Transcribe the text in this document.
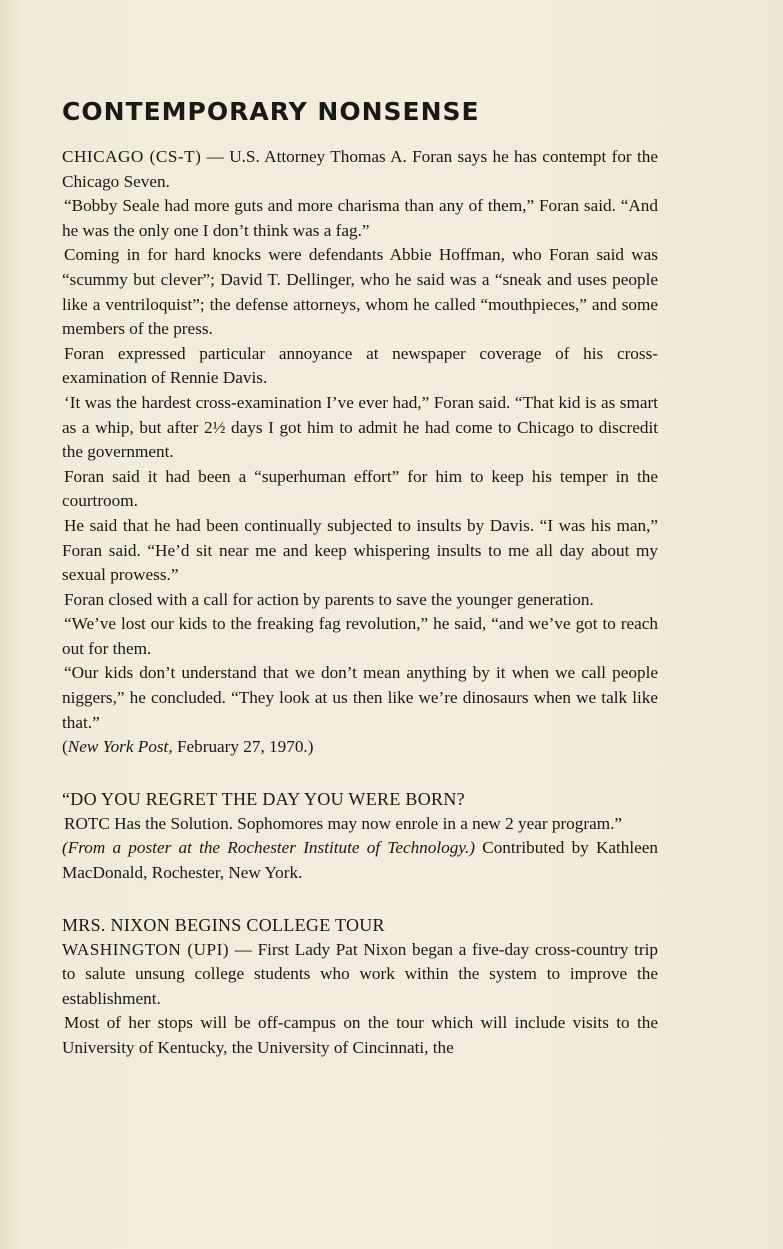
CONTEMPORARY NONSENSE

CHICAGO (CS-T) — U.S. Attorney Thomas A. Foran says he has contempt for the Chicago Seven.

“Bobby Seale had more guts and more charisma than any of them,” Foran said. “And he was the only one I don’t think was a fag.”

Coming in for hard knocks were defendants Abbie Hoffman, who Foran said was “scummy but clever”; David T. Dellinger, who he said was a “sneak and uses people like a ventriloquist”; the defense attorneys, whom he called “mouthpieces,” and some members of the press.

Foran expressed particular annoyance at newspaper coverage of his cross-examination of Rennie Davis.

‘It was the hardest cross-examination I’ve ever had,” Foran said. “That kid is as smart as a whip, but after 2½ days I got him to admit he had come to Chicago to discredit the government.

Foran said it had been a “superhuman effort” for him to keep his temper in the courtroom.

He said that he had been continually subjected to insults by Davis. “I was his man,” Foran said. “He’d sit near me and keep whispering insults to me all day about my sexual prowess.”

Foran closed with a call for action by parents to save the younger generation.

“We’ve lost our kids to the freaking fag revolution,” he said, “and we’ve got to reach out for them.

“Our kids don’t understand that we don’t mean anything by it when we call people niggers,” he concluded. “They look at us then like we’re dinosaurs when we talk like that.”

(New York Post, February 27, 1970.)

“DO YOU REGRET THE DAY YOU WERE BORN?

ROTC Has the Solution. Sophomores may now enrole in a new 2 year program.”

(From a poster at the Rochester Institute of Technology.) Contributed by Kathleen MacDonald, Rochester, New York.

MRS. NIXON BEGINS COLLEGE TOUR

WASHINGTON (UPI) — First Lady Pat Nixon began a five-day cross-country trip to salute unsung college students who work within the system to improve the establishment.

Most of her stops will be off-campus on the tour which will include visits to the University of Kentucky, the University of Cincinnati, the
